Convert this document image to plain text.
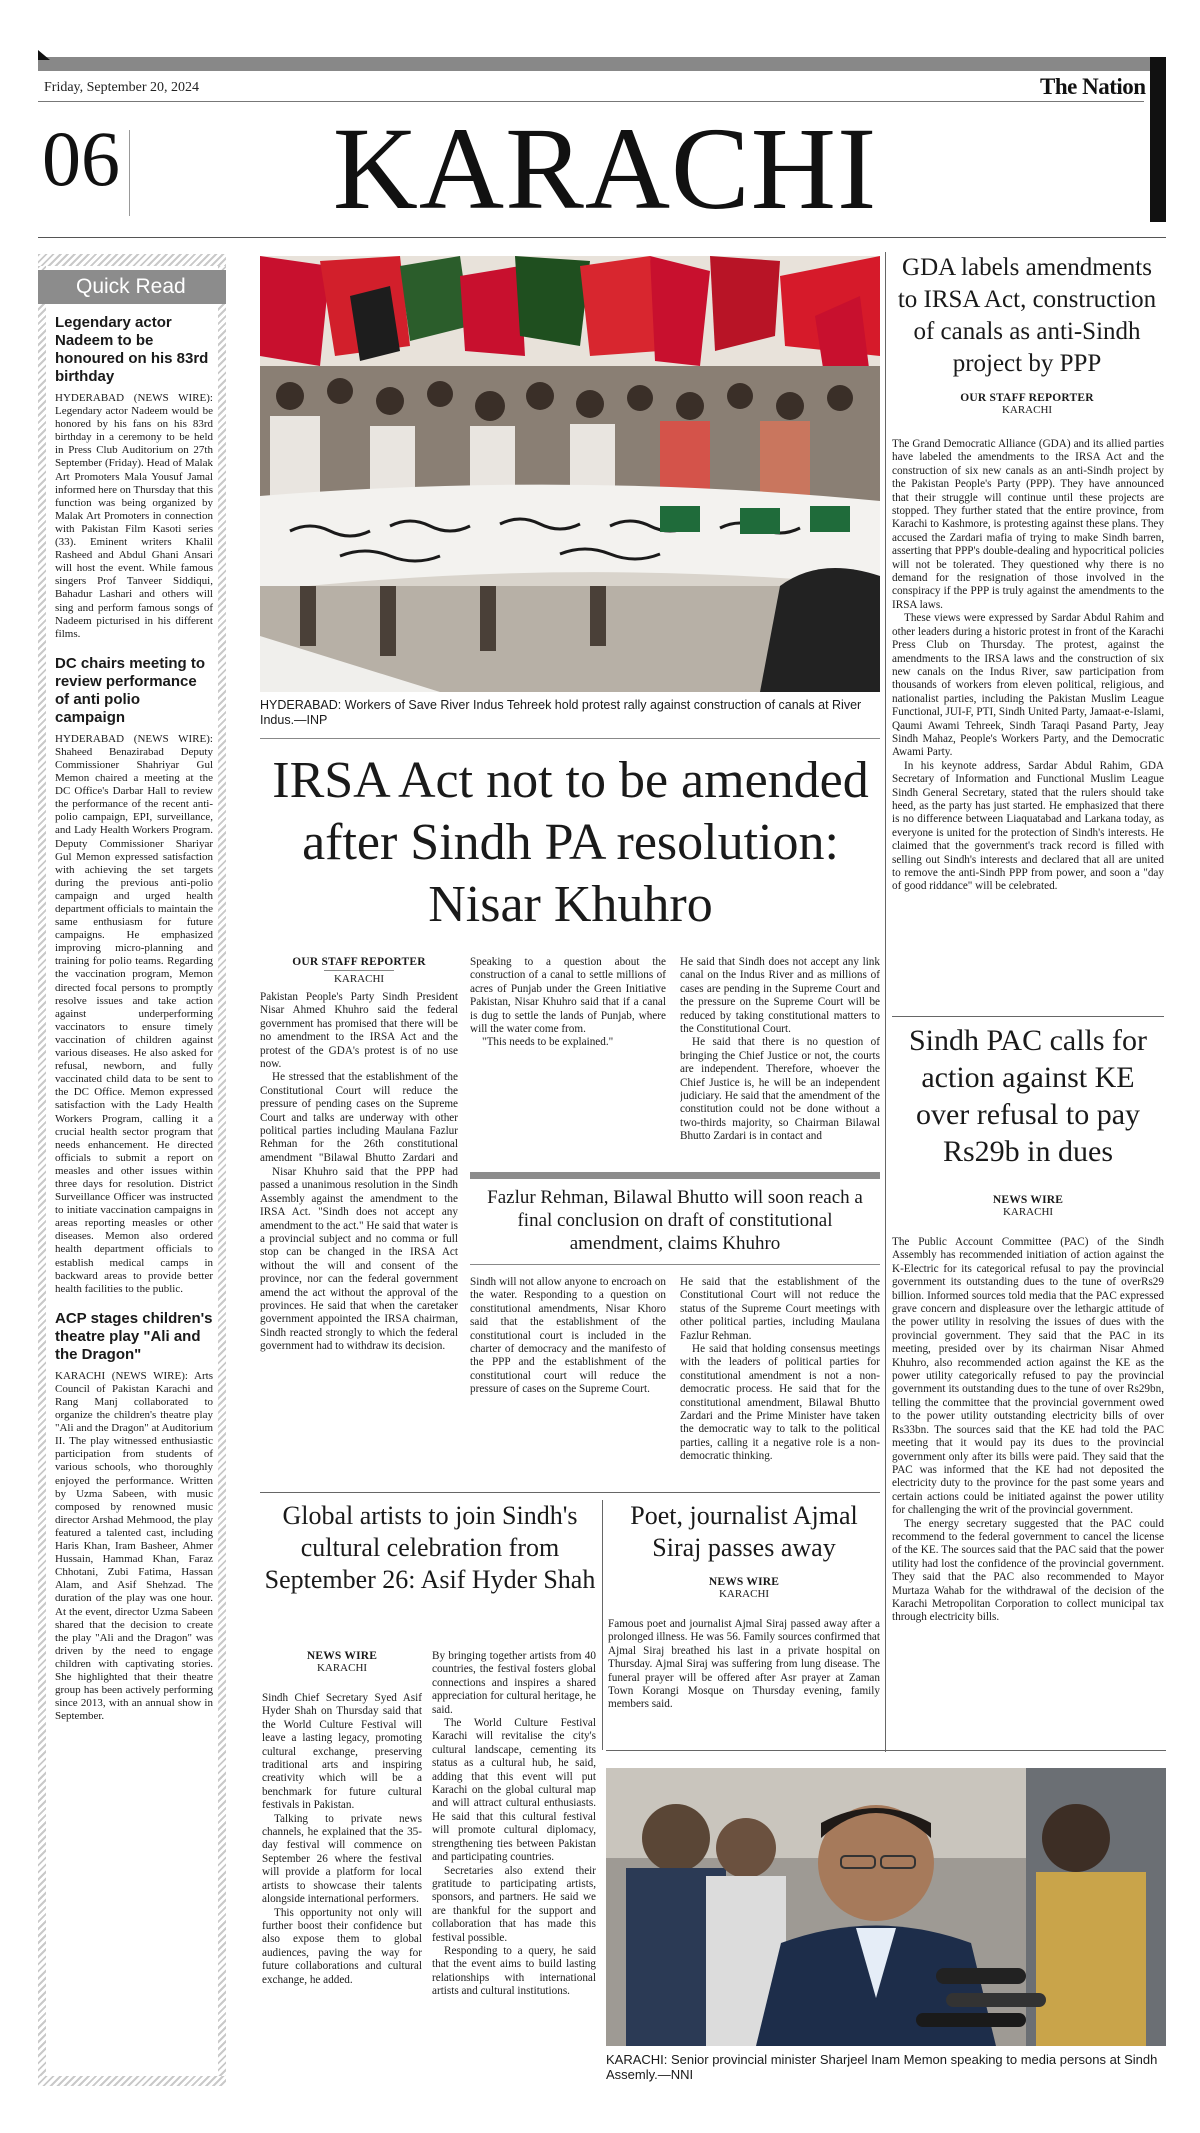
Friday, September 20, 2024	The Nation
06	KARACHI
Quick Read
Legendary actor Nadeem to be honoured on his 83rd birthday

HYDERABAD (NEWS WIRE): Legendary actor Nadeem would be honored by his fans on his 83rd birthday in a ceremony to be held in Press Club Auditorium on 27th September (Friday). Head of Malak Art Promoters Mala Yousuf Jamal informed here on Thursday that this function was being organized by Malak Art Promoters in connection with Pakistan Film Kasoti series (33). Eminent writers Khalil Rasheed and Abdul Ghani Ansari will host the event. While famous singers Prof Tanveer Siddiqui, Bahadur Lashari and others will sing and perform famous songs of Nadeem picturised in his different films.

DC chairs meeting to review performance of anti polio campaign

HYDERABAD (NEWS WIRE): Shaheed Benazirabad Deputy Commissioner Shahriyar Gul Memon chaired a meeting at the DC Office's Darbar Hall to review the performance of the recent anti-polio campaign, EPI, surveillance, and Lady Health Workers Program. Deputy Commissioner Shariyar Gul Memon expressed satisfaction with achieving the set targets during the previous anti-polio campaign and urged health department officials to maintain the same enthusiasm for future campaigns. He emphasized improving micro-planning and training for polio teams. Regarding the vaccination program, Memon directed focal persons to promptly resolve issues and take action against underperforming vaccinators to ensure timely vaccination of children against various diseases. He also asked for refusal, newborn, and fully vaccinated child data to be sent to the DC Office. Memon expressed satisfaction with the Lady Health Workers Program, calling it a crucial health sector program that needs enhancement. He directed officials to submit a report on measles and other issues within three days for resolution. District Surveillance Officer was instructed to initiate vaccination campaigns in areas reporting measles or other diseases. Memon also ordered health department officials to establish medical camps in backward areas to provide better health facilities to the public.

ACP stages children's theatre play "Ali and the Dragon"

KARACHI (NEWS WIRE): Arts Council of Pakistan Karachi and Rang Manj collaborated to organize the children's theatre play "Ali and the Dragon" at Auditorium II. The play witnessed enthusiastic participation from students of various schools, who thoroughly enjoyed the performance. Written by Uzma Sabeen, with music composed by renowned music director Arshad Mehmood, the play featured a talented cast, including Haris Khan, Iram Basheer, Ahmer Hussain, Hammad Khan, Faraz Chhotani, Zubi Fatima, Hassan Alam, and Asif Shehzad. The duration of the play was one hour. At the event, director Uzma Sabeen shared that the decision to create the play "Ali and the Dragon" was driven by the need to engage children with captivating stories. She highlighted that their theatre group has been actively performing since 2013, with an annual show in September.

HYDERABAD: Workers of Save River Indus Tehreek hold protest rally against construction of canals at River Indus.—INP
IRSA Act not to be amended after Sindh PA resolution: Nisar Khuhro

Speaking to a question about the construction of a canal to settle millions of acres of Punjab under the Green Initiative Pakistan, Nisar Khuhro said that if a canal is dug to settle the lands of Punjab, where will the water come from.

"This needs to be explained."

He said that Sindh does not accept any link canal on the Indus River and as millions of cases are pending in the Supreme Court and the pressure on the Supreme Court will be reduced by taking constitutional matters to the Constitutional Court.

He said that there is no question of bringing the Chief Justice or not, the courts are independent. Therefore, whoever the Chief Justice is, he will be an independent judiciary. He said that the amendment of the constitution could not be done without a two-thirds majority, so Chairman Bilawal Bhutto Zardari is in contact and

OUR STAFF REPORTER
KARACHI

Pakistan People's Party Sindh President Nisar Ahmed Khuhro said the federal government has promised that there will be no amendment to the IRSA Act and the protest of the GDA's protest is of no use now.

He stressed that the establishment of the Constitutional Court will reduce the pressure of pending cases on the Supreme Court and talks are underway with other political parties including Maulana Fazlur Rehman for the 26th constitutional amendment "Bilawal Bhutto Zardari and

Nisar Khuhro said that the PPP had passed a unanimous resolution in the Sindh Assembly against the amendment to the IRSA Act. "Sindh does not accept any amendment to the act." He said that water is a provincial subject and no comma or full stop can be changed in the IRSA Act without the will and consent of the province, nor can the federal government amend the act without the approval of the provinces. He said that when the caretaker government appointed the IRSA chairman, Sindh reacted strongly to which the federal government had to withdraw its decision.

Fazlur Rehman, Bilawal Bhutto will soon reach a final conclusion on draft of constitutional amendment, claims Khuhro

Sindh will not allow anyone to encroach on the water. Responding to a question on constitutional amendments, Nisar Khoro said that the establishment of the constitutional court is included in the charter of democracy and the manifesto of the PPP and the establishment of the constitutional court will reduce the pressure of cases on the Supreme Court.

He said that the establishment of the Constitutional Court will not reduce the status of the Supreme Court meetings with other political parties, including Maulana Fazlur Rehman.

He said that holding consensus meetings with the leaders of political parties for constitutional amendment is not a non-democratic process. He said that for the constitutional amendment, Bilawal Bhutto Zardari and the Prime Minister have taken the democratic way to talk to the political parties, calling it a negative role is a non-democratic thinking.

GDA labels amendments to IRSA Act, construction of canals as anti-Sindh project by PPP
OUR STAFF REPORTER
KARACHI

The Grand Democratic Alliance (GDA) and its allied parties have labeled the amendments to the IRSA Act and the construction of six new canals as an anti-Sindh project by the Pakistan People's Party (PPP). They have announced that their struggle will continue until these projects are stopped. They further stated that the entire province, from Karachi to Kashmore, is protesting against these plans. They accused the Zardari mafia of trying to make Sindh barren, asserting that PPP's double-dealing and hypocritical policies will not be tolerated. They questioned why there is no demand for the resignation of those involved in the conspiracy if the PPP is truly against the amendments to the IRSA laws.

These views were expressed by Sardar Abdul Rahim and other leaders during a historic protest in front of the Karachi Press Club on Thursday. The protest, against the amendments to the IRSA laws and the construction of six new canals on the Indus River, saw participation from thousands of workers from eleven political, religious, and nationalist parties, including the Pakistan Muslim League Functional, JUI-F, PTI, Sindh United Party, Jamaat-e-Islami, Qaumi Awami Tehreek, Sindh Taraqi Pasand Party, Jeay Sindh Mahaz, People's Workers Party, and the Democratic Awami Party.

In his keynote address, Sardar Abdul Rahim, GDA Secretary of Information and Functional Muslim League Sindh General Secretary, stated that the rulers should take heed, as the party has just started. He emphasized that there is no difference between Liaquatabad and Larkana today, as everyone is united for the protection of Sindh's interests. He claimed that the government's track record is filled with selling out Sindh's interests and declared that all are united to remove the anti-Sindh PPP from power, and soon a "day of good riddance" will be celebrated.

Sindh PAC calls for action against KE over refusal to pay Rs29b in dues
NEWS WIRE
KARACHI

The Public Account Committee (PAC) of the Sindh Assembly has recommended initiation of action against the K-Electric for its categorical refusal to pay the provincial government its outstanding dues to the tune of overRs29 billion. Informed sources told media that the PAC expressed grave concern and displeasure over the lethargic attitude of the power utility in resolving the issues of dues with the provincial government. They said that the PAC in its meeting, presided over by its chairman Nisar Ahmed Khuhro, also recommended action against the KE as the power utility categorically refused to pay the provincial government its outstanding dues to the tune of over Rs29bn, telling the committee that the provincial government owed to the power utility outstanding electricity bills of over Rs33bn. The sources said that the KE had told the PAC meeting that it would pay its dues to the provincial government only after its bills were paid. They said that the PAC was informed that the KE had not deposited the electricity duty to the province for the past some years and certain actions could be initiated against the power utility for challenging the writ of the provincial government.

The energy secretary suggested that the PAC could recommend to the federal government to cancel the license of the KE. The sources said that the PAC said that the power utility had lost the confidence of the provincial government. They said that the PAC also recommended to Mayor Murtaza Wahab for the withdrawal of the decision of the Karachi Metropolitan Corporation to collect municipal tax through electricity bills.

Global artists to join Sindh's cultural celebration from September 26: Asif Hyder Shah
NEWS WIRE
KARACHI

Sindh Chief Secretary Syed Asif Hyder Shah on Thursday said that the World Culture Festival will leave a lasting legacy, promoting cultural exchange, preserving traditional arts and inspiring creativity which will be a benchmark for future cultural festivals in Pakistan.

Talking to private news channels, he explained that the 35-day festival will commence on September 26 where the festival will provide a platform for local artists to showcase their talents alongside international performers.

This opportunity not only will further boost their confidence but also expose them to global audiences, paving the way for future collaborations and cultural exchange, he added.

By bringing together artists from 40 countries, the festival fosters global connections and inspires a shared appreciation for cultural heritage, he said.

The World Culture Festival Karachi will revitalise the city's cultural landscape, cementing its status as a cultural hub, he said, adding that this event will put Karachi on the global cultural map and will attract cultural enthusiasts. He said that this cultural festival will promote cultural diplomacy, strengthening ties between Pakistan and participating countries.

Secretaries also extend their gratitude to participating artists, sponsors, and partners. He said we are thankful for the support and collaboration that has made this festival possible.

Responding to a query, he said that the event aims to build lasting relationships with international artists and cultural institutions.

Poet, journalist Ajmal Siraj passes away
NEWS WIRE
KARACHI

Famous poet and journalist Ajmal Siraj passed away after a prolonged illness. He was 56. Family sources confirmed that Ajmal Siraj breathed his last in a private hospital on Thursday. Ajmal Siraj was suffering from lung disease. The funeral prayer will be offered after Asr prayer at Zaman Town Korangi Mosque on Thursday evening, family members said.

KARACHI: Senior provincial minister Sharjeel Inam Memon speaking to media persons at Sindh Assemly.—NNI
